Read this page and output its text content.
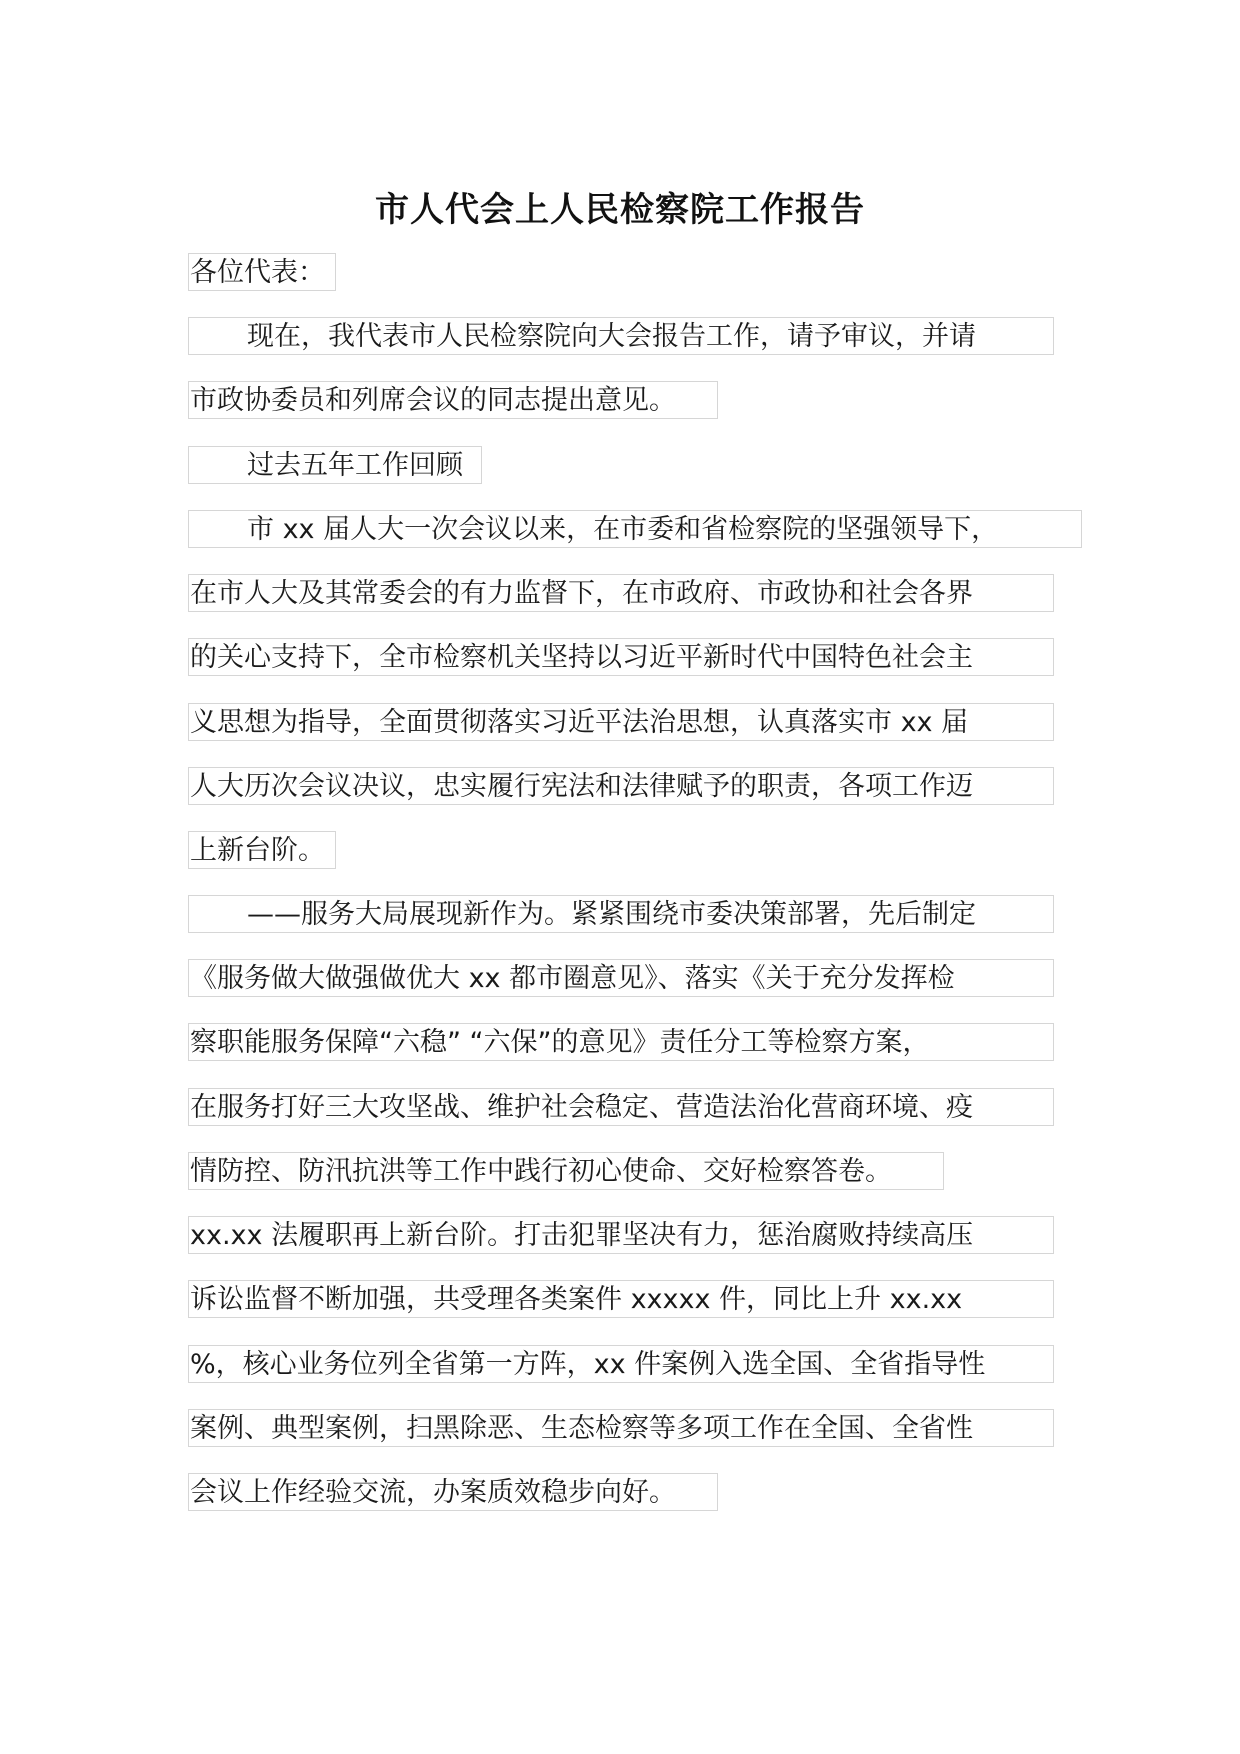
市人代会上人民检察院工作报告
各位代表：
现在，我代表市人民检察院向大会报告工作，请予审议，并请
市政协委员和列席会议的同志提出意见。
过去五年工作回顾
市 xx 届人大一次会议以来，在市委和省检察院的坚强领导下，
在市人大及其常委会的有力监督下，在市政府、市政协和社会各界
的关心支持下，全市检察机关坚持以习近平新时代中国特色社会主
义思想为指导，全面贯彻落实习近平法治思想，认真落实市 xx 届
人大历次会议决议，忠实履行宪法和法律赋予的职责，各项工作迈
上新台阶。
——服务大局展现新作为。紧紧围绕市委决策部署，先后制定
《服务做大做强做优大 xx 都市圈意见》、落实《关于充分发挥检
察职能服务保障“六稳” “六保”的意见》责任分工等检察方案，
在服务打好三大攻坚战、维护社会稳定、营造法治化营商环境、疫
情防控、防汛抗洪等工作中践行初心使命、交好检察答卷。
xx.xx 法履职再上新台阶。打击犯罪坚决有力，惩治腐败持续高压
诉讼监督不断加强，共受理各类案件 xxxxx 件，同比上升 xx.xx
%，核心业务位列全省第一方阵，xx 件案例入选全国、全省指导性
案例、典型案例，扫黑除恶、生态检察等多项工作在全国、全省性
会议上作经验交流，办案质效稳步向好。
